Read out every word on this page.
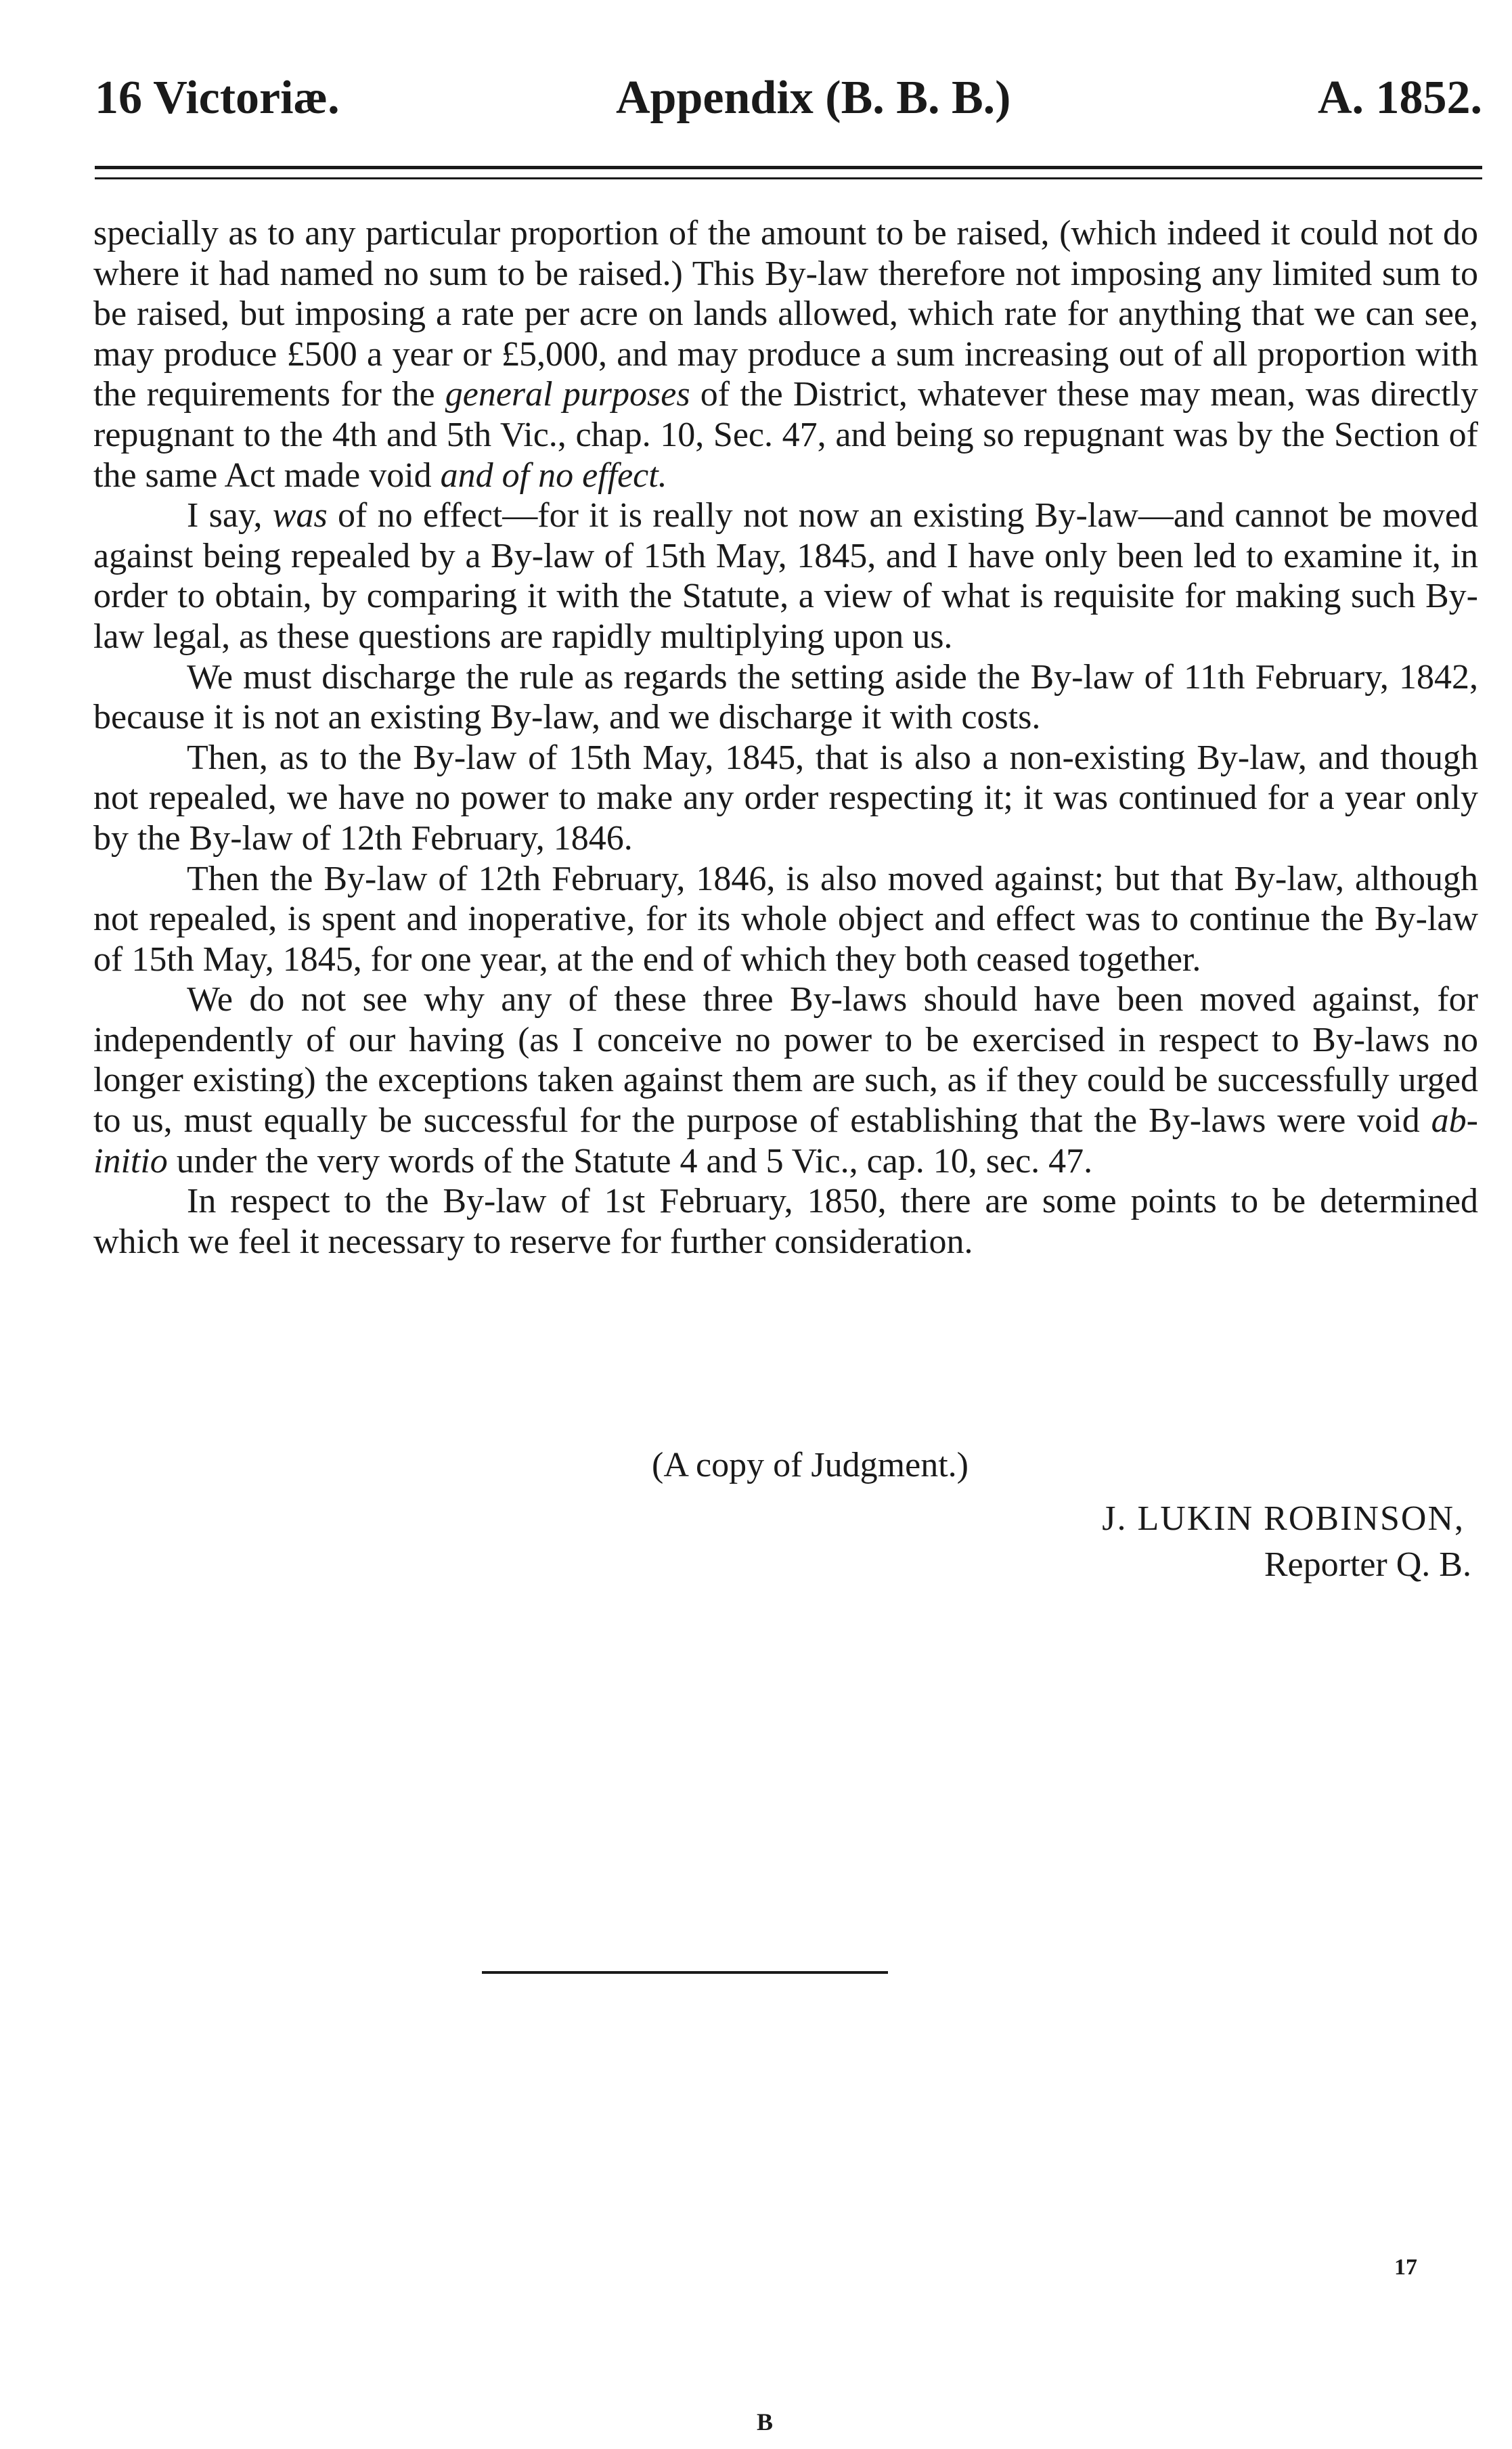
16 Victoriæ.	Appendix (B. B. B.)	A. 1852.

specially as to any particular proportion of the amount to be raised, (which indeed it could not do where it had named no sum to be raised.) This By-law therefore not imposing any limited sum to be raised, but imposing a rate per acre on lands allowed, which rate for anything that we can see, may produce £500 a year or £5,000, and may produce a sum increasing out of all proportion with the requirements for the general purposes of the District, whatever these may mean, was directly repugnant to the 4th and 5th Vic., chap. 10, Sec. 47, and being so repugnant was by the Section of the same Act made void and of no effect.

I say, was of no effect—for it is really not now an existing By-law—and cannot be moved against being repealed by a By-law of 15th May, 1845, and I have only been led to examine it, in order to obtain, by comparing it with the Statute, a view of what is requisite for making such By-law legal, as these questions are rapidly multiplying upon us.

We must discharge the rule as regards the setting aside the By-law of 11th February, 1842, because it is not an existing By-law, and we discharge it with costs.

Then, as to the By-law of 15th May, 1845, that is also a non-existing By-law, and though not repealed, we have no power to make any order respecting it; it was continued for a year only by the By-law of 12th February, 1846.

Then the By-law of 12th February, 1846, is also moved against; but that By-law, although not repealed, is spent and inoperative, for its whole object and effect was to continue the By-law of 15th May, 1845, for one year, at the end of which they both ceased together.

We do not see why any of these three By-laws should have been moved against, for independently of our having (as I conceive no power to be exercised in respect to By-laws no longer existing) the exceptions taken against them are such, as if they could be successfully urged to us, must equally be successful for the purpose of establishing that the By-laws were void ab-initio under the very words of the Statute 4 and 5 Vic., cap. 10, sec. 47.

In respect to the By-law of 1st February, 1850, there are some points to be determined which we feel it necessary to reserve for further consideration.

(A copy of Judgment.)
J. LUKIN ROBINSON,
Reporter Q. B.
17
B
